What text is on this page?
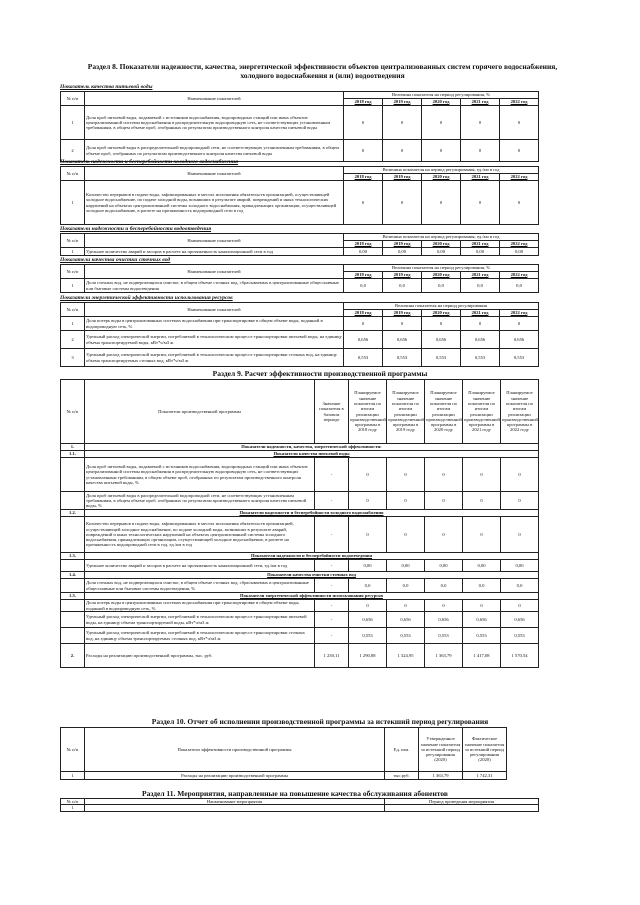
Раздел 8. Показатели надежности, качества, энергетической эффективности объектов централизованных систем горячего водоснабжения, холодного водоснабжения и (или) водоотведения
Показатель качества питьевой воды
№ п/п	Наименование показателей	Величина показателя на период регулирования, %				
		2018 год	2019 год	2020 год	2021 год	2022 год
1	Доля проб питьевой воды, подаваемой с источников водоснабжения, водопроводных станций или иных объектов централизованной системы водоснабжения в распределительную водопроводную сеть, не соответствующих установленным требованиям, в общем объеме проб, отобранных по результатам производственного контроля качества питьевой воды	0	0	0	0	0
2	Доля проб питьевой воды в распределительной водопроводной сети, не соответствующих установленным требованиям, в общем объеме проб, отобранных по результатам производственного контроля качества питьевой воды	0	0	0	0	0
Показатель надежности и бесперебойности холодного водоснабжения
№ п/п	Наименование показателей	Величина показателя на период регулирования, ед./км в год				
		2018 год	2019 год	2020 год	2021 год	2022 год
1	Количество перерывов в подаче воды, зафиксированных в местах исполнения обязательств организацией, осуществляющей холодное водоснабжение, по подаче холодной воды, возникших в результате аварий, повреждений и иных технологических нарушений на объектах централизованной системы холодного водоснабжения, принадлежащих организации, осуществляющей холодное водоснабжение, в расчете на протяженность водопроводной сети в год	0	0	0	0	0
Показатели надежности и бесперебойности водоотведения
№ п/п	Наименование показателей	Величина показателя на период регулирования, ед./км в год				
		2018 год	2019 год	2020 год	2021 год	2022 год
1	Удельное количество аварий и засоров в расчете на протяженность канализационной сети в год	0,00	0,00	0,00	0,00	0,00
Показатели качества очистки сточных вод
№ п/п	Наименование показателей	Величина показателя на период регулирования, %				
		2018 год	2019 год	2020 год	2021 год	2022 год
1	Доля сточных вод, не подвергающихся очистке, в общем объеме сточных вод, сбрасываемых в централизованные общесплавные или бытовые системы водоотведения	0,0	0,0	0,0	0,0	0,0
Показатели энергетической эффективности использования ресурсов
№ п/п	Наименование показателей	Величина показателя на период регулирования				
		2018 год	2019 год	2020 год	2021 год	2022 год
1	Доля потерь воды в централизованных системах водоснабжения при транспортировке в общем объеме воды, поданной в водопроводную сеть, %	0	0	0	0	0
2	Удельный расход электрической энергии, потребляемой в технологическом процессе транспортировки питьевой воды, на единицу объема транспортируемой воды, кВт*ч/м3 ж	0,656	0,656	0,656	0,656	0,656
3	Удельный расход электрической энергии, потребляемой в технологическом процессе транспортировки сточных вод, на единицу объема транспортируемых сточных вод, кВт*ч/м3 ж	0,553	0,553	0,553	0,553	0,553
Раздел 9. Расчет эффективности производственной программы
№ п/п	Показатели производственной программы	Значение показателя в базовом периоде	Планируемое значение показателя по итогам реализации производственной программы в 2018 году	Планируемое значение показателя по итогам реализации производственной программы в 2019 году	Планируемое значение показателя по итогам реализации производственной программы в 2020 году	Планируемое значение показателя по итогам реализации производственной программы в 2021 году	Планируемое значение показателя по итогам реализации производственной программы в 2022 году
1.	Показатели надежности, качества, энергетической эффективности:						
1.1.	Показатели качества питьевой воды						
	Доля проб питьевой воды, подаваемой с источников водоснабжения, водопроводных станций или иных объектов централизованной системы водоснабжения в распределительную водопроводную сеть, не соответствующих установленным требованиям, в общем объеме проб, отобранных по результатам производственного контроля качества питьевой воды, %	-	0	0	0	0	0
	Доля проб питьевой воды в распределительной водопроводной сети, не соответствующих установленным требованиям, в общем объеме проб, отобранных по результатам производственного контроля качества питьевой воды, %	-	0	0	0	0	0
1.2.	Показатели надежности и бесперебойности холодного водоснабжения						
	Количество перерывов в подаче воды, зафиксированных в местах исполнения обязательств организацией, осуществляющей холодное водоснабжение, по подаче холодной воды, возникших в результате аварий, повреждений и иных технологических нарушений на объектах централизованной системы холодного водоснабжения, принадлежащих организации, осуществляющей холодное водоснабжение, в расчете на протяженность водопроводной сети в год, ед./км в год	-	0	0	0	0	0
1.3.	Показатели надежности и бесперебойности водоотведения						
	Удельное количество аварий и засоров в расчете на протяженность канализационной сети, ед./км в год	-	0,00	0,00	0,00	0,00	0,00
1.4.	Показатели качества очистки сточных вод						
	Доля сточных вод, не подвергающихся очистке, в общем объеме сточных вод, сбрасываемых в централизованные общесплавные или бытовые системы водоотведения, %	-	0,0	0,0	0,0	0,0	0,0
1.5.	Показатели энергетической эффективности использования ресурсов						
	Доля потерь воды в централизованных системах водоснабжения при транспортировке в общем объеме воды, поданной в водопроводную сеть, %	-	0	0	0	0	0
	Удельный расход электрической энергии, потребляемой в технологическом процессе транспортировки питьевой воды, на единицу объема транспортируемой воды, кВт*ч/м3 ж	-	0,656	0,656	0,656	0,656	0,656
	Удельный расход электрической энергии, потребляемой в технологическом процессе транспортировки сточных вод, на единицу объема транспортируемых сточных вод, кВт*ч/м3 ж	-	0,553	0,553	0,553	0,553	0,553
2.	Расходы на реализацию производственной программы, тыс. руб.	1 230,11	1 290,88	1 324,95	1 363,79	1 417,08	1 570,54
Раздел 10. Отчет об исполнении производственной программы за истекший период регулирования
№ п/п	Показатели эффективности производственной программы	Ед. изм.	Утвержденное значение показателя за истекший период регулирования (2020)	Фактическое значение показателя за истекший период регулирования (2020)	
1	Расходы на реализацию производственной программы	тыс.руб.	1 363,79	1 742,31	
Раздел 11. Мероприятия, направленные на повышение качества обслуживания абонентов
№ п/п	Наименование мероприятия	Период проведения мероприятия
1		
